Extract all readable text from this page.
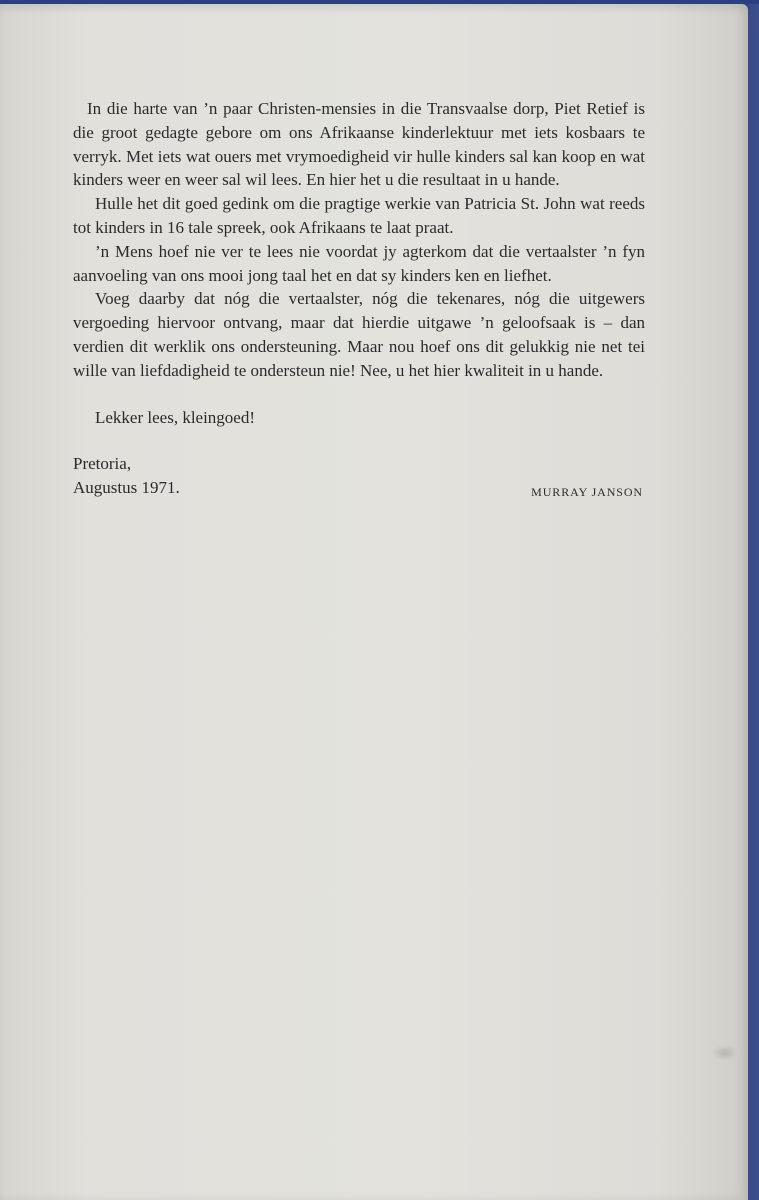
In die harte van ’n paar Christen-mensies in die Transvaalse dorp, Piet Retief is die groot gedagte gebore om ons Afrikaanse kinderlektuur met iets kosbaars te verryk. Met iets wat ouers met vrymoedigheid vir hulle kinders sal kan koop en wat kinders weer en weer sal wil lees. En hier het u die resultaat in u hande.

Hulle het dit goed gedink om die pragtige werkie van Patricia St. John wat reeds tot kinders in 16 tale spreek, ook Afrikaans te laat praat.

’n Mens hoef nie ver te lees nie voordat jy agterkom dat die vertaalster ’n fyn aanvoeling van ons mooi jong taal het en dat sy kinders ken en liefhet.

Voeg daarby dat nóg die vertaalster, nóg die tekenares, nóg die uitgewers vergoeding hiervoor ontvang, maar dat hierdie uitgawe ’n geloofsaak is – dan verdien dit werklik ons ondersteuning. Maar nou hoef ons dit gelukkig nie net tei wille van liefdadigheid te ondersteun nie! Nee, u het hier kwaliteit in u hande.

Lekker lees, kleingoed!

Pretoria,
Augustus 1971.	MURRAY JANSON
